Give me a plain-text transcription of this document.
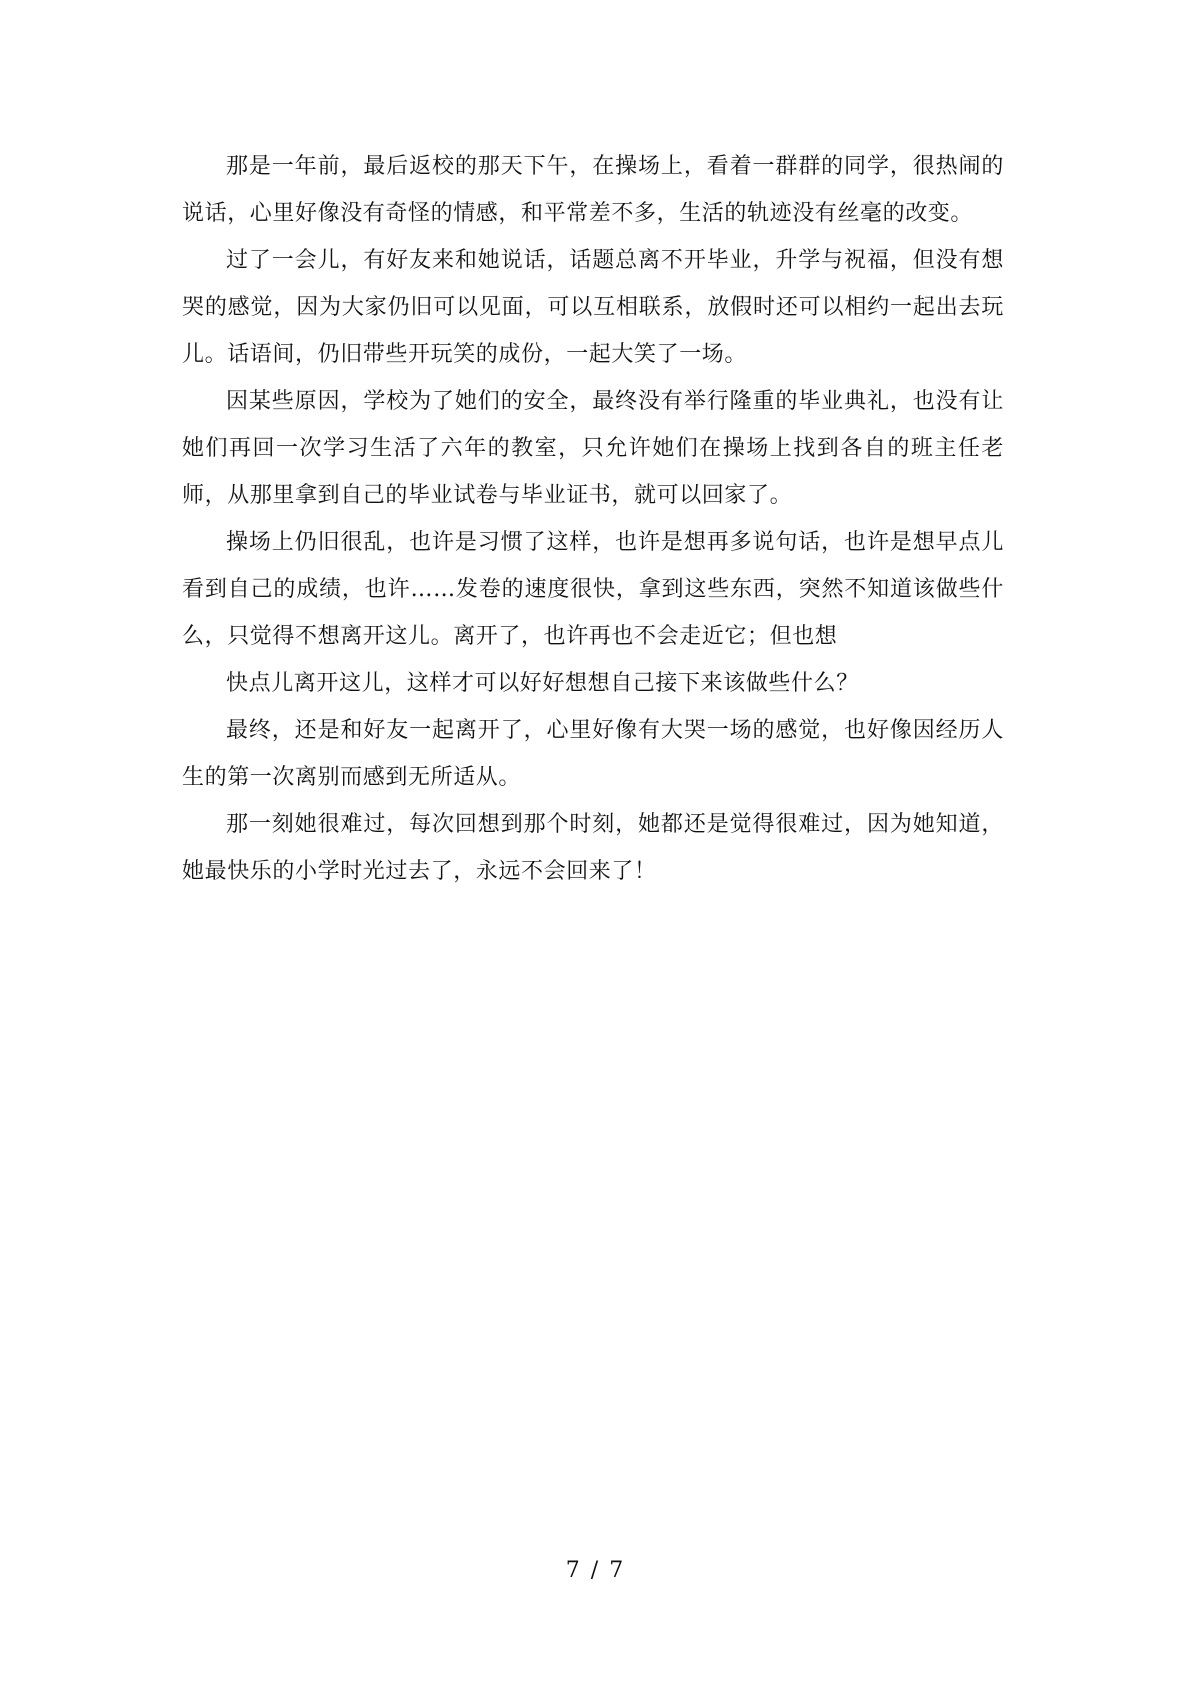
那是一年前，最后返校的那天下午，在操场上，看着一群群的同学，很热闹的说话，心里好像没有奇怪的情感，和平常差不多，生活的轨迹没有丝毫的改变。

过了一会儿，有好友来和她说话，话题总离不开毕业，升学与祝福，但没有想哭的感觉，因为大家仍旧可以见面，可以互相联系，放假时还可以相约一起出去玩儿。话语间，仍旧带些开玩笑的成份，一起大笑了一场。

因某些原因，学校为了她们的安全，最终没有举行隆重的毕业典礼，也没有让她们再回一次学习生活了六年的教室，只允许她们在操场上找到各自的班主任老师，从那里拿到自己的毕业试卷与毕业证书，就可以回家了。

操场上仍旧很乱，也许是习惯了这样，也许是想再多说句话，也许是想早点儿看到自己的成绩，也许……发卷的速度很快，拿到这些东西，突然不知道该做些什么，只觉得不想离开这儿。离开了，也许再也不会走近它；但也想

快点儿离开这儿，这样才可以好好想想自己接下来该做些什么？

最终，还是和好友一起离开了，心里好像有大哭一场的感觉，也好像因经历人生的第一次离别而感到无所适从。

那一刻她很难过，每次回想到那个时刻，她都还是觉得很难过，因为她知道，她最快乐的小学时光过去了，永远不会回来了！

7 / 7
